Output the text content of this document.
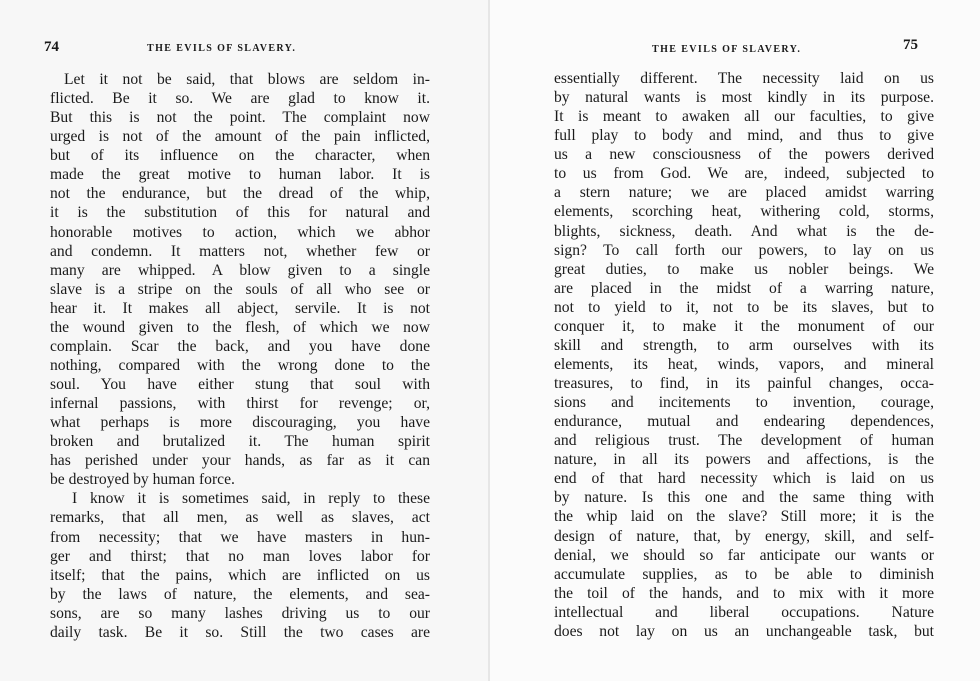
74	THE EVILS OF SLAVERY.
Let it not be said, that blows are seldom in-
flicted. Be it so. We are glad to know it.
But this is not the point. The complaint now
urged is not of the amount of the pain inflicted,
but of its influence on the character, when
made the great motive to human labor. It is
not the endurance, but the dread of the whip,
it is the substitution of this for natural and
honorable motives to action, which we abhor
and condemn. It matters not, whether few or
many are whipped. A blow given to a single
slave is a stripe on the souls of all who see or
hear it. It makes all abject, servile. It is not
the wound given to the flesh, of which we now
complain. Scar the back, and you have done
nothing, compared with the wrong done to the
soul. You have either stung that soul with
infernal passions, with thirst for revenge; or,
what perhaps is more discouraging, you have
broken and brutalized it. The human spirit
has perished under your hands, as far as it can
be destroyed by human force.
I know it is sometimes said, in reply to these
remarks, that all men, as well as slaves, act
from necessity; that we have masters in hun-
ger and thirst; that no man loves labor for
itself; that the pains, which are inflicted on us
by the laws of nature, the elements, and sea-
sons, are so many lashes driving us to our
daily task. Be it so. Still the two cases are
THE EVILS OF SLAVERY.	75
essentially different. The necessity laid on us
by natural wants is most kindly in its purpose.
It is meant to awaken all our faculties, to give
full play to body and mind, and thus to give
us a new consciousness of the powers derived
to us from God. We are, indeed, subjected to
a stern nature; we are placed amidst warring
elements, scorching heat, withering cold, storms,
blights, sickness, death. And what is the de-
sign? To call forth our powers, to lay on us
great duties, to make us nobler beings. We
are placed in the midst of a warring nature,
not to yield to it, not to be its slaves, but to
conquer it, to make it the monument of our
skill and strength, to arm ourselves with its
elements, its heat, winds, vapors, and mineral
treasures, to find, in its painful changes, occa-
sions and incitements to invention, courage,
endurance, mutual and endearing dependences,
and religious trust. The development of human
nature, in all its powers and affections, is the
end of that hard necessity which is laid on us
by nature. Is this one and the same thing with
the whip laid on the slave? Still more; it is the
design of nature, that, by energy, skill, and self-
denial, we should so far anticipate our wants or
accumulate supplies, as to be able to diminish
the toil of the hands, and to mix with it more
intellectual and liberal occupations. Nature
does not lay on us an unchangeable task, but
